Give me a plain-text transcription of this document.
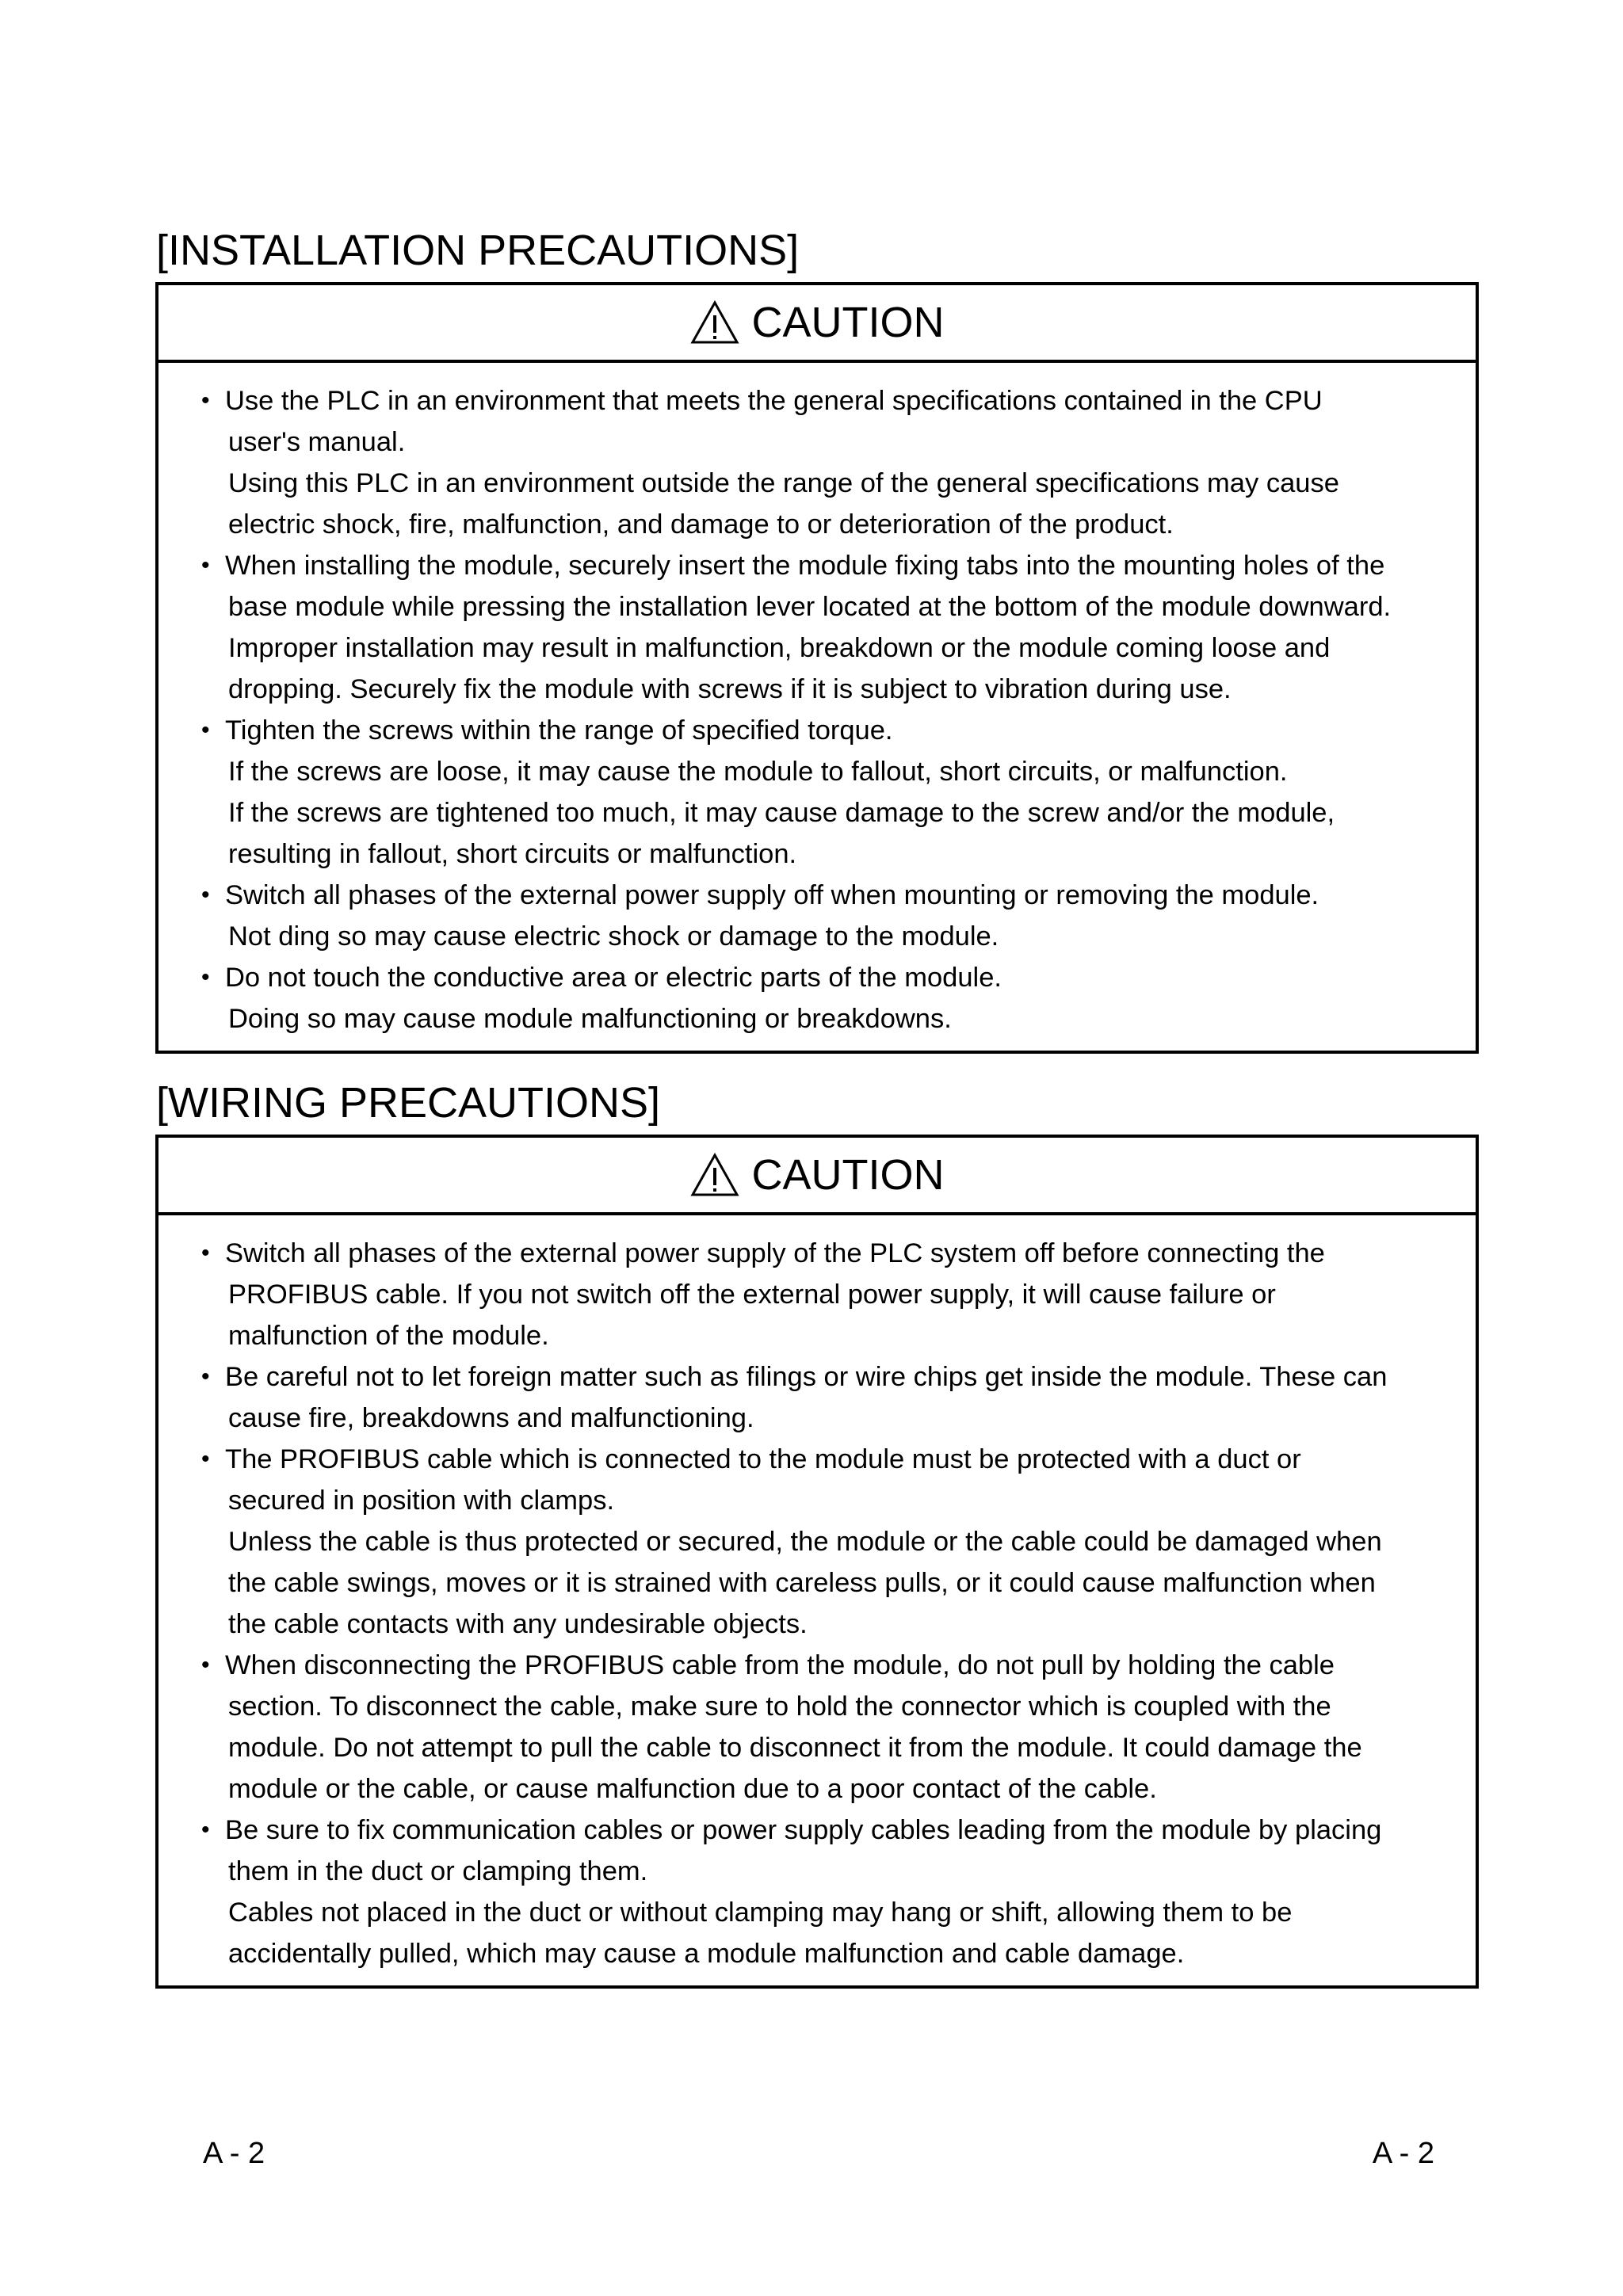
[INSTALLATION PRECAUTIONS]
CAUTION
• Use the PLC in an environment that meets the general specifications contained in the CPU
user's manual.
Using this PLC in an environment outside the range of the general specifications may cause
electric shock, fire, malfunction, and damage to or deterioration of the product.
• When installing the module, securely insert the module fixing tabs into the mounting holes of the
base module while pressing the installation lever located at the bottom of the module downward.
Improper installation may result in malfunction, breakdown or the module coming loose and
dropping. Securely fix the module with screws if it is subject to vibration during use.
• Tighten the screws within the range of specified torque.
If the screws are loose, it may cause the module to fallout, short circuits, or malfunction.
If the screws are tightened too much, it may cause damage to the screw and/or the module,
resulting in fallout, short circuits or malfunction.
• Switch all phases of the external power supply off when mounting or removing the module.
Not ding so may cause electric shock or damage to the module.
• Do not touch the conductive area or electric parts of the module.
Doing so may cause module malfunctioning or breakdowns.
[WIRING PRECAUTIONS]
CAUTION
• Switch all phases of the external power supply of the PLC system off before connecting the
PROFIBUS cable. If you not switch off the external power supply, it will cause failure or
malfunction of the module.
• Be careful not to let foreign matter such as filings or wire chips get inside the module. These can
cause fire, breakdowns and malfunctioning.
• The PROFIBUS cable which is connected to the module must be protected with a duct or
secured in position with clamps.
Unless the cable is thus protected or secured, the module or the cable could be damaged when
the cable swings, moves or it is strained with careless pulls, or it could cause malfunction when
the cable contacts with any undesirable objects.
• When disconnecting the PROFIBUS cable from the module, do not pull by holding the cable
section. To disconnect the cable, make sure to hold the connector which is coupled with the
module. Do not attempt to pull the cable to disconnect it from the module. It could damage the
module or the cable, or cause malfunction due to a poor contact of the cable.
• Be sure to fix communication cables or power supply cables leading from the module by placing
them in the duct or clamping them.
Cables not placed in the duct or without clamping may hang or shift, allowing them to be
accidentally pulled, which may cause a module malfunction and cable damage.
A - 2	A - 2
